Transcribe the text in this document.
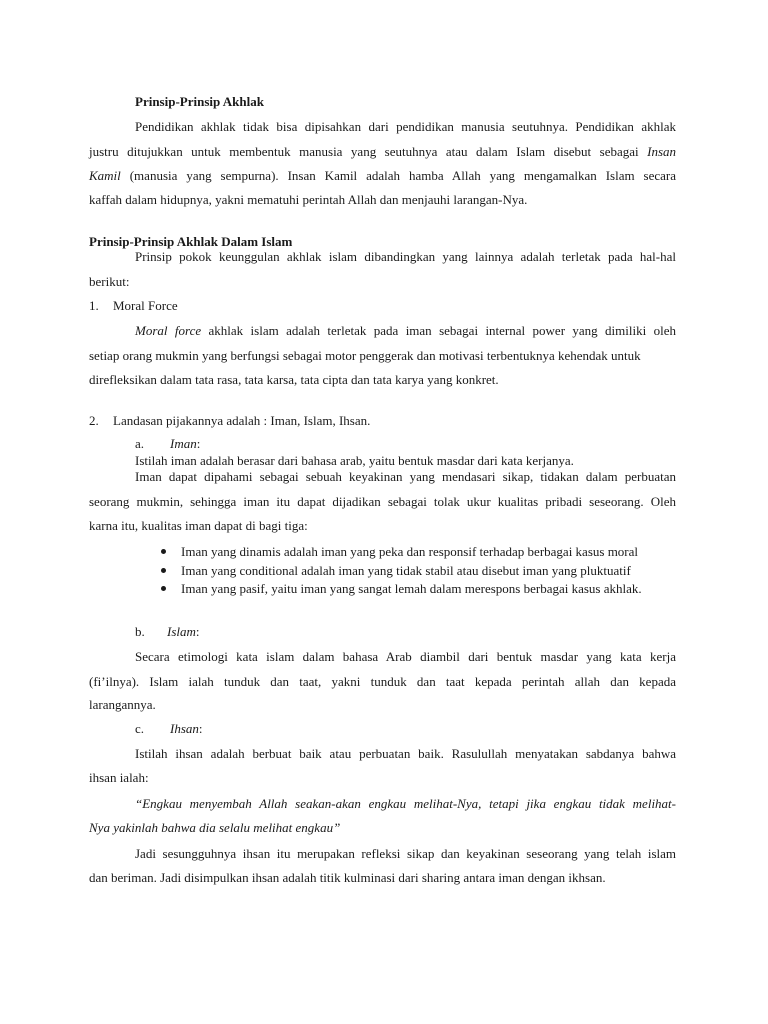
Prinsip-Prinsip Akhlak
Pendidikan akhlak tidak bisa dipisahkan dari pendidikan manusia seutuhnya. Pendidikan akhlak
justru ditujukkan untuk membentuk manusia yang seutuhnya atau dalam Islam disebut sebagai Insan
Kamil (manusia yang sempurna). Insan Kamil adalah hamba Allah yang mengamalkan Islam secara
kaffah dalam hidupnya, yakni mematuhi perintah Allah dan menjauhi larangan-Nya.
Prinsip-Prinsip Akhlak Dalam Islam
Prinsip pokok keunggulan akhlak islam dibandingkan yang lainnya adalah terletak pada hal-hal
berikut:
1. Moral Force
Moral force akhlak islam adalah terletak pada iman sebagai internal power yang dimiliki oleh
setiap orang mukmin yang berfungsi sebagai motor penggerak dan motivasi terbentuknya kehendak untuk
direfleksikan dalam tata rasa, tata karsa, tata cipta dan tata karya yang konkret.
2. Landasan pijakannya adalah : Iman, Islam, Ihsan.
a. Iman:
Istilah iman adalah berasar dari bahasa arab, yaitu bentuk masdar dari kata kerjanya.
Iman dapat dipahami sebagai sebuah keyakinan yang mendasari sikap, tidakan dalam perbuatan
seorang mukmin, sehingga iman itu dapat dijadikan sebagai tolak ukur kualitas pribadi seseorang. Oleh
karna itu, kualitas iman dapat di bagi tiga:
Iman yang dinamis adalah iman yang peka dan responsif terhadap berbagai kasus moral
Iman yang conditional adalah iman yang tidak stabil atau disebut iman yang pluktuatif
Iman yang pasif, yaitu iman yang sangat lemah dalam merespons berbagai kasus akhlak.
b. Islam:
Secara etimologi kata islam dalam bahasa Arab diambil dari bentuk masdar yang kata kerja
(fi’ilnya). Islam ialah tunduk dan taat, yakni tunduk dan taat kepada perintah allah dan kepada
larangannya.
c. Ihsan:
Istilah ihsan adalah berbuat baik atau perbuatan baik. Rasulullah menyatakan sabdanya bahwa
ihsan ialah:
“Engkau menyembah Allah seakan-akan engkau melihat-Nya, tetapi jika engkau tidak melihat-
Nya yakinlah bahwa dia selalu melihat engkau”
Jadi sesungguhnya ihsan itu merupakan refleksi sikap dan keyakinan seseorang yang telah islam
dan beriman. Jadi disimpulkan ihsan adalah titik kulminasi dari sharing antara iman dengan ikhsan.
